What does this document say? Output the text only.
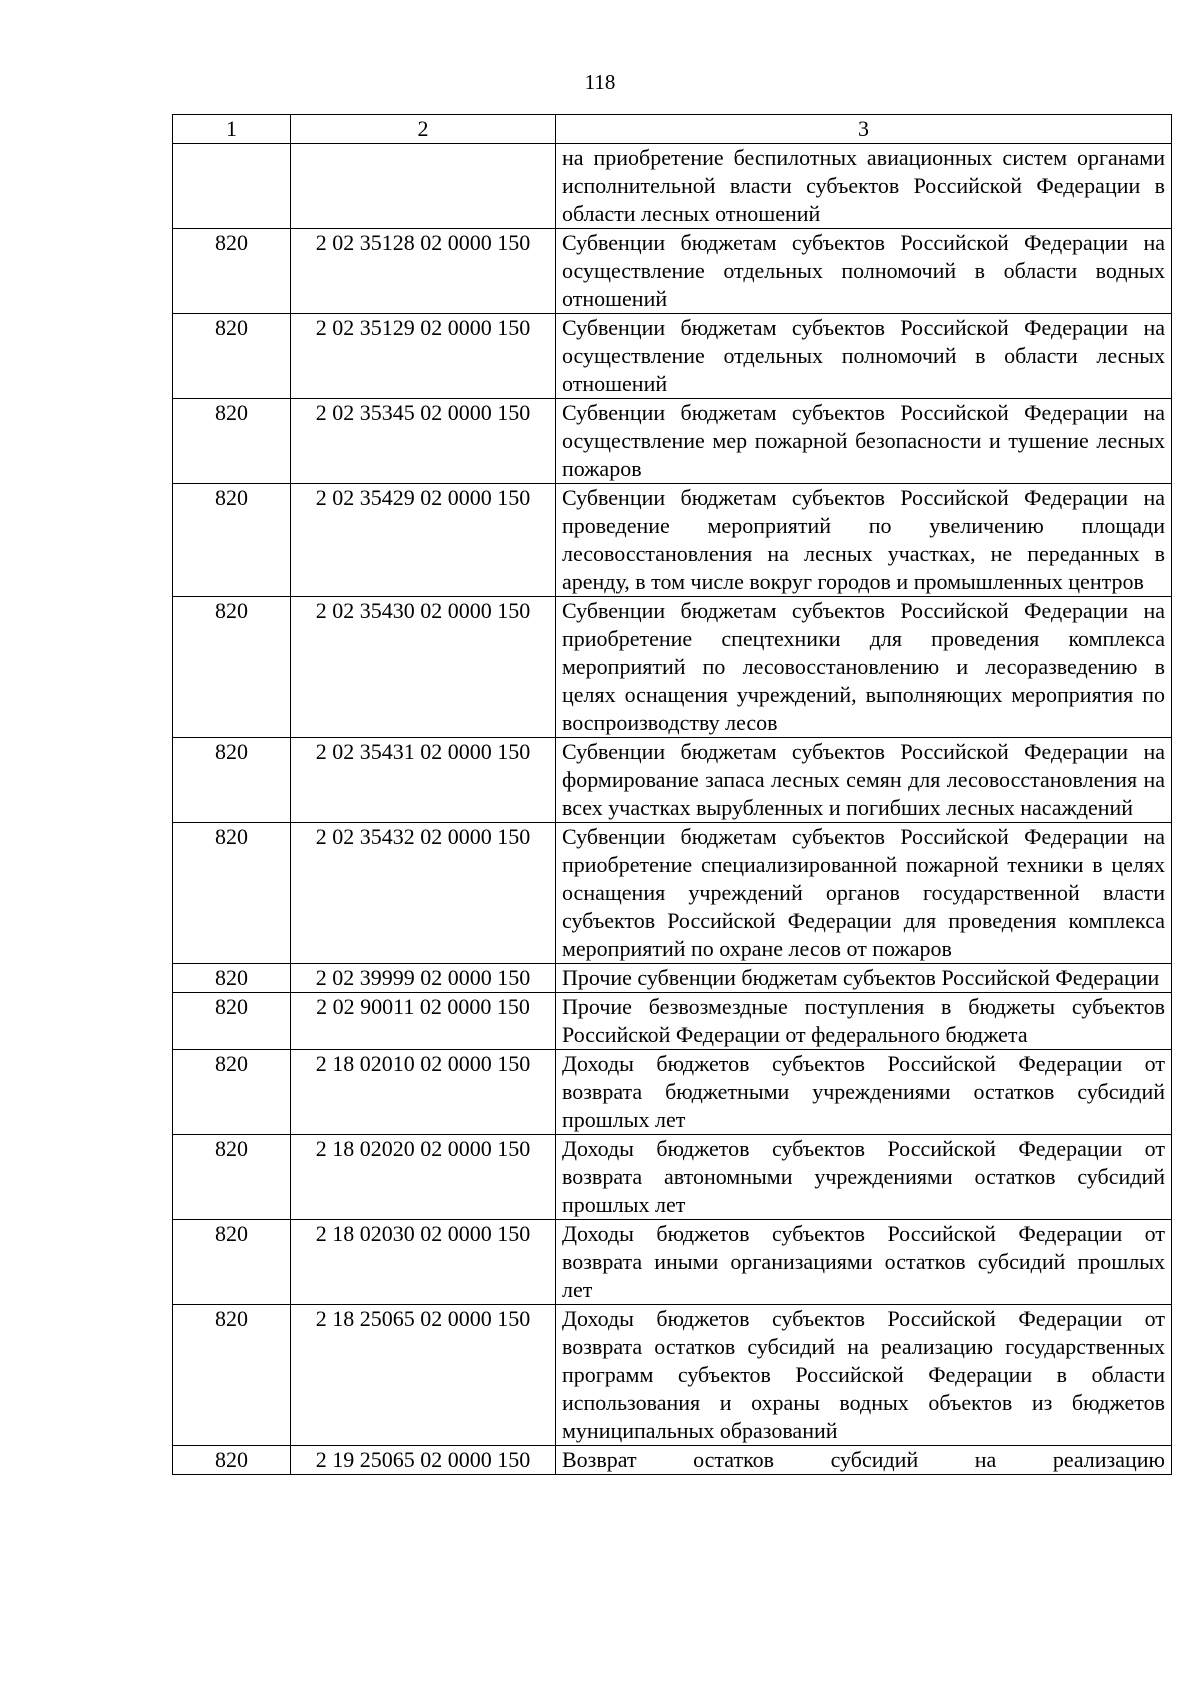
118
1	2	3
		на приобретение беспилотных авиационных систем органами исполнительной власти субъектов Российской Федерации в области лесных отношений
820	2 02 35128 02 0000 150	Субвенции бюджетам субъектов Российской Федерации на осуществление отдельных полномочий в области водных отношений
820	2 02 35129 02 0000 150	Субвенции бюджетам субъектов Российской Федерации на осуществление отдельных полномочий в области лесных отношений
820	2 02 35345 02 0000 150	Субвенции бюджетам субъектов Российской Федерации на осуществление мер пожарной безопасности и тушение лесных пожаров
820	2 02 35429 02 0000 150	Субвенции бюджетам субъектов Российской Федерации на проведение мероприятий по увеличению площади лесовосстановления на лесных участках, не переданных в аренду, в том числе вокруг городов и промышленных центров
820	2 02 35430 02 0000 150	Субвенции бюджетам субъектов Российской Федерации на приобретение спецтехники для проведения комплекса мероприятий по лесовосстановлению и лесоразведению в целях оснащения учреждений, выполняющих мероприятия по воспроизводству лесов
820	2 02 35431 02 0000 150	Субвенции бюджетам субъектов Российской Федерации на формирование запаса лесных семян для лесовосстановления на всех участках вырубленных и погибших лесных насаждений
820	2 02 35432 02 0000 150	Субвенции бюджетам субъектов Российской Федерации на приобретение специализированной пожарной техники в целях оснащения учреждений органов государственной власти субъектов Российской Федерации для проведения комплекса мероприятий по охране лесов от пожаров
820	2 02 39999 02 0000 150	Прочие субвенции бюджетам субъектов Российской Федерации
820	2 02 90011 02 0000 150	Прочие безвозмездные поступления в бюджеты субъектов Российской Федерации от федерального бюджета
820	2 18 02010 02 0000 150	Доходы бюджетов субъектов Российской Федерации от возврата бюджетными учреждениями остатков субсидий прошлых лет
820	2 18 02020 02 0000 150	Доходы бюджетов субъектов Российской Федерации от возврата автономными учреждениями остатков субсидий прошлых лет
820	2 18 02030 02 0000 150	Доходы бюджетов субъектов Российской Федерации от возврата иными организациями остатков субсидий прошлых лет
820	2 18 25065 02 0000 150	Доходы бюджетов субъектов Российской Федерации от возврата остатков субсидий на реализацию государственных программ субъектов Российской Федерации в области использования и охраны водных объектов из бюджетов муниципальных образований
820	2 19 25065 02 0000 150	Возврат остатков субсидий на реализацию
